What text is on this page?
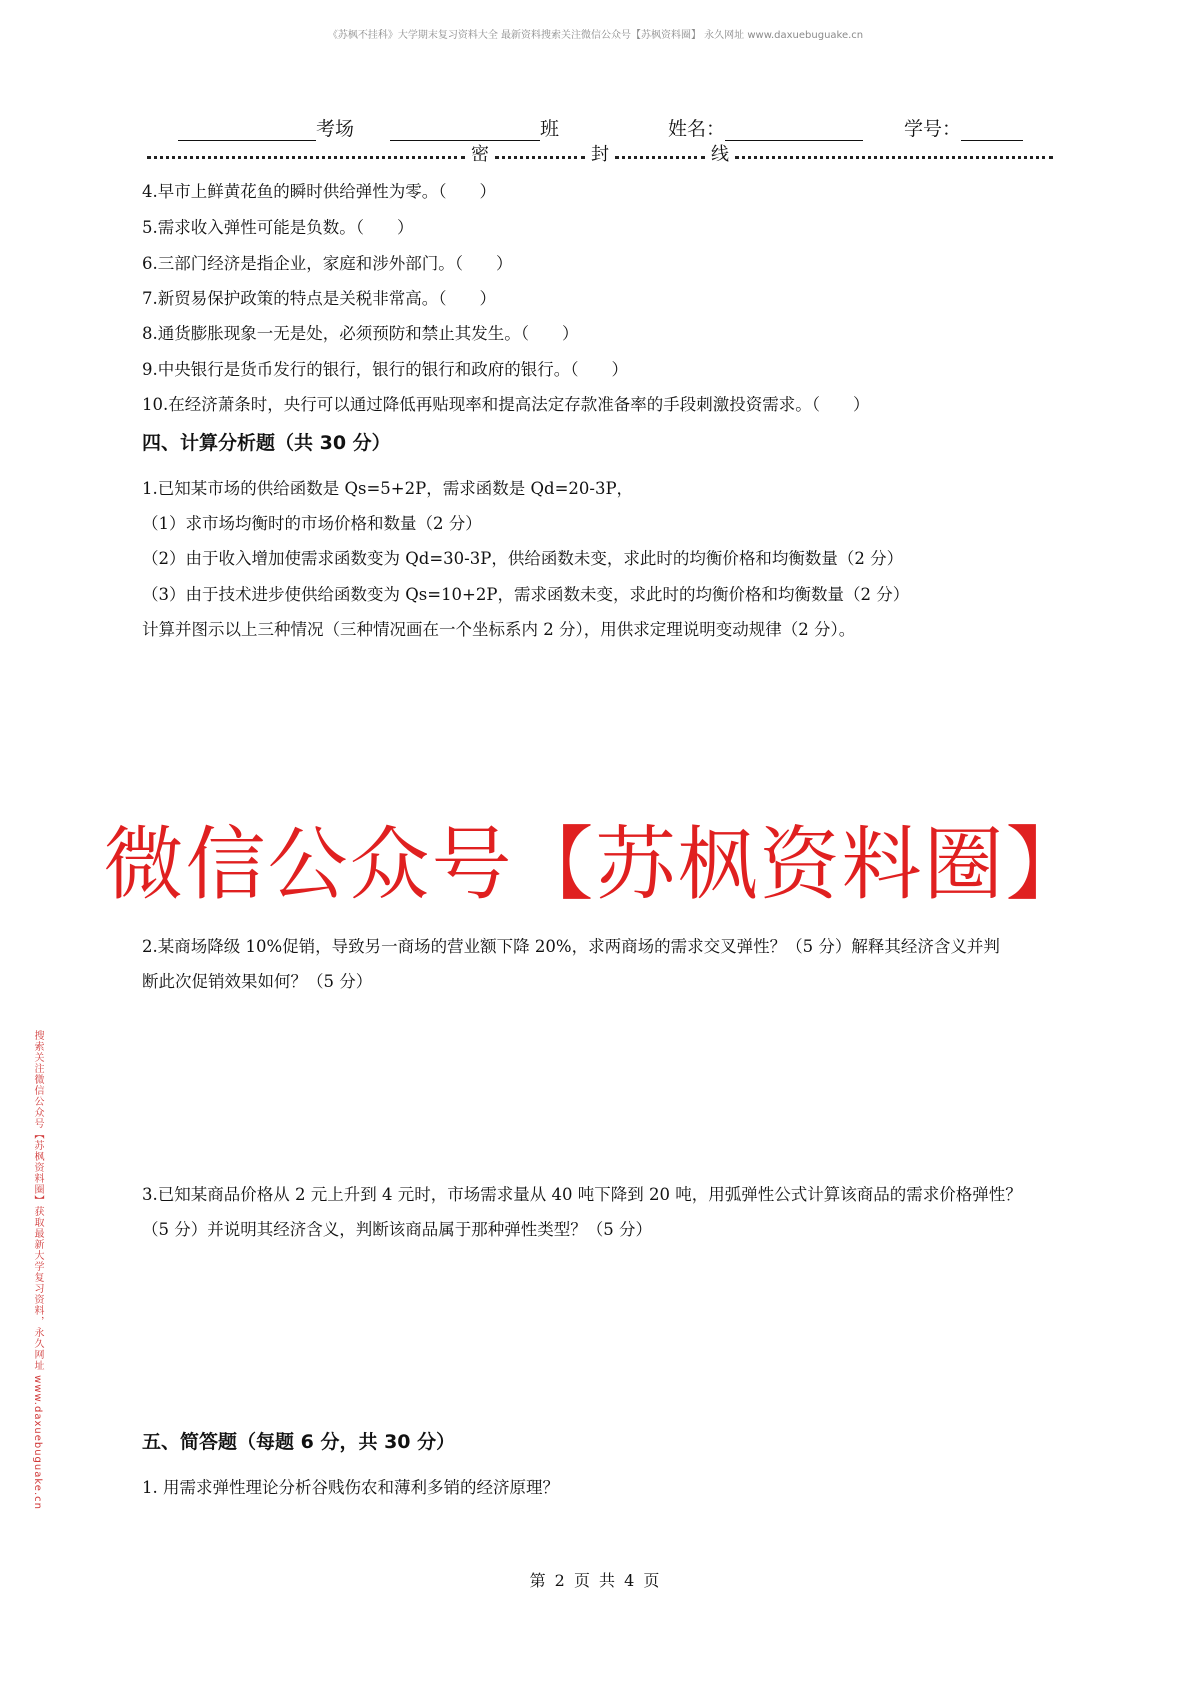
《苏枫不挂科》大学期末复习资料大全 最新资料搜索关注微信公众号【苏枫资料圈】 永久网址 www.daxuebuguake.cn
考场	班	姓名：	学号：
密	封	线
4.早市上鲜黄花鱼的瞬时供给弹性为零。（　　）
5.需求收入弹性可能是负数。（　　）
6.三部门经济是指企业，家庭和涉外部门。（　　）
7.新贸易保护政策的特点是关税非常高。（　　）
8.通货膨胀现象一无是处，必须预防和禁止其发生。（　　）
9.中央银行是货币发行的银行，银行的银行和政府的银行。（　　）
10.在经济萧条时，央行可以通过降低再贴现率和提高法定存款准备率的手段刺激投资需求。（　　）
四、计算分析题（共 30 分）
1.已知某市场的供给函数是 Qs=5+2P，需求函数是 Qd=20-3P，
（1）求市场均衡时的市场价格和数量（2 分）
（2）由于收入增加使需求函数变为 Qd=30-3P，供给函数未变，求此时的均衡价格和均衡数量（2 分）
（3）由于技术进步使供给函数变为 Qs=10+2P，需求函数未变，求此时的均衡价格和均衡数量（2 分）
计算并图示以上三种情况（三种情况画在一个坐标系内 2 分），用供求定理说明变动规律（2 分）。
微信公众号【苏枫资料圈】
2.某商场降级 10%促销，导致另一商场的营业额下降 20%，求两商场的需求交叉弹性？（5 分）解释其经济含义并判
断此次促销效果如何？（5 分）
搜索关注微信公众号【苏枫资料圈】获取最新大学复习资料，永久网址 www.daxuebuguake.cn	3.已知某商品价格从 2 元上升到 4 元时，市场需求量从 40 吨下降到 20 吨，用弧弹性公式计算该商品的需求价格弹性？
（5 分）并说明其经济含义，判断该商品属于那种弹性类型？（5 分）
五、简答题（每题 6 分，共 30 分）
1. 用需求弹性理论分析谷贱伤农和薄利多销的经济原理？
第 2 页 共 4 页
